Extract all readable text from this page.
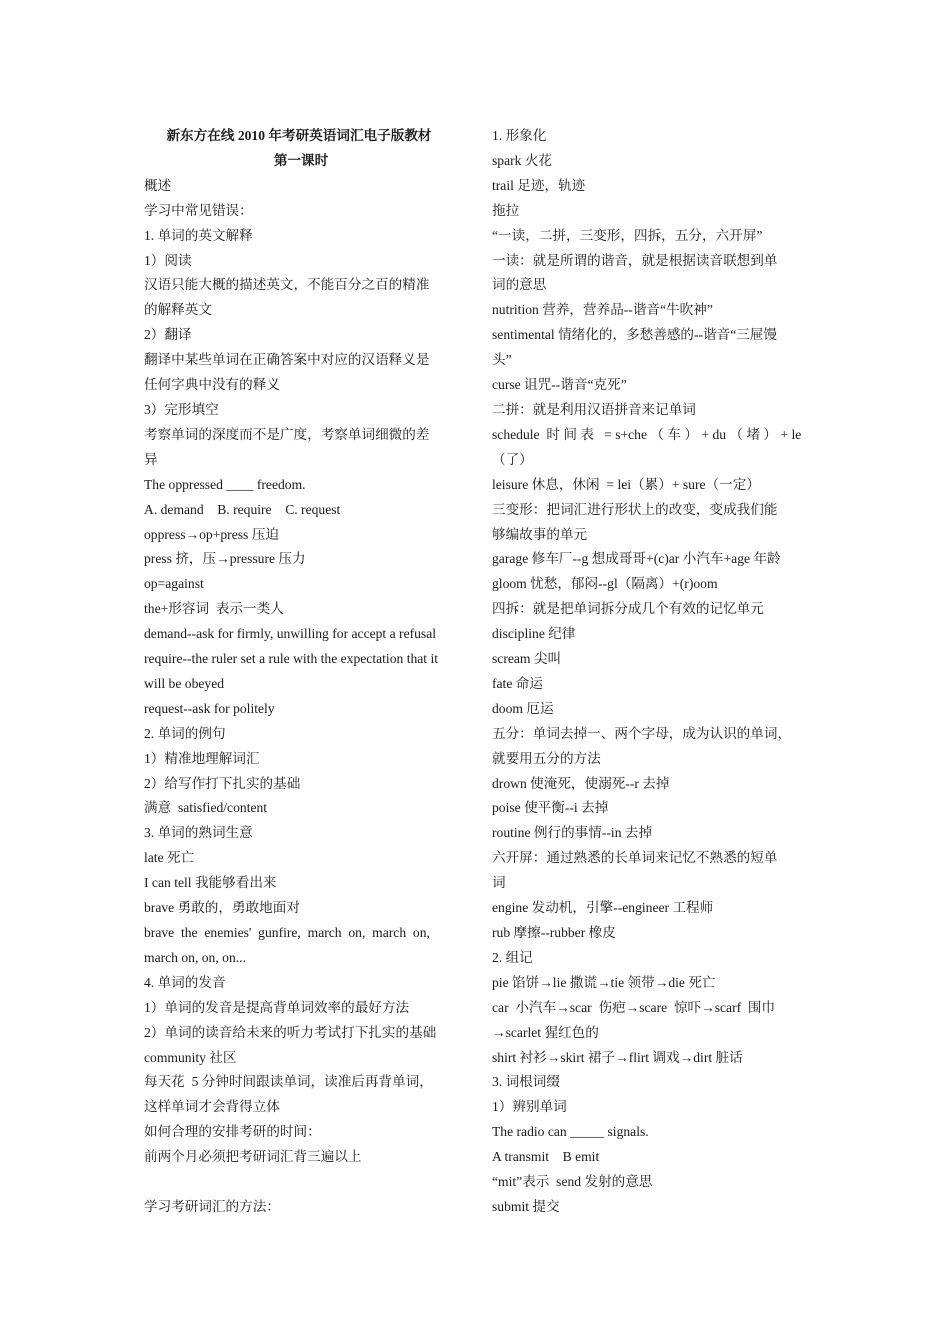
新东方在线 2010 年考研英语词汇电子版教材
第一课时
概述
学习中常见错误：
1. 单词的英文解释
1）阅读
汉语只能大概的描述英文，不能百分之百的精准
的解释英文
2）翻译
翻译中某些单词在正确答案中对应的汉语释义是
任何字典中没有的释义
3）完形填空
考察单词的深度而不是广度，考察单词细微的差
异
The oppressed ____ freedom.
A. demand    B. require    C. request
oppress→op+press 压迫
press 挤，压→pressure 压力
op=against
the+形容词  表示一类人
demand--ask for firmly, unwilling for accept a refusal
require--the ruler set a rule with the expectation that it
will be obeyed
request--ask for politely
2. 单词的例句
1）精准地理解词汇
2）给写作打下扎实的基础
满意  satisfied/content
3. 单词的熟词生意
late 死亡
I can tell 我能够看出来
brave 勇敢的，勇敢地面对
brave  the  enemies'  gunfire,  march  on,  march  on,
march on, on, on...
4. 单词的发音
1）单词的发音是提高背单词效率的最好方法
2）单词的读音给未来的听力考试打下扎实的基础
community 社区
每天花  5 分钟时间跟读单词，读准后再背单词，
这样单词才会背得立体
如何合理的安排考研的时间：
前两个月必须把考研词汇背三遍以上
学习考研词汇的方法：
1. 形象化
spark 火花
trail 足迹，轨迹
拖拉
“一读，二拼，三变形，四拆，五分，六开屏”
一读：就是所谓的谐音，就是根据读音联想到单
词的意思
nutrition 营养，营养品--谐音“牛吹神”
sentimental 情绪化的，多愁善感的--谐音“三屉馒
头”
curse 诅咒--谐音“克死”
二拼：就是利用汉语拼音来记单词
schedule  时 间 表   = s+che （ 车 ） + du （ 堵 ） + le
（了）
leisure 休息，休闲  = lei（累）+ sure（一定）
三变形：把词汇进行形状上的改变，变成我们能
够编故事的单元
garage 修车厂--g 想成哥哥+(c)ar 小汽车+age 年龄
gloom 忧愁，郁闷--gl（隔离）+(r)oom
四拆：就是把单词拆分成几个有效的记忆单元
discipline 纪律
scream 尖叫
fate 命运
doom 厄运
五分：单词去掉一、两个字母，成为认识的单词，
就要用五分的方法
drown 使淹死，使溺死--r 去掉
poise 使平衡--i 去掉
routine 例行的事情--in 去掉
六开屏：通过熟悉的长单词来记忆不熟悉的短单
词
engine 发动机，引擎--engineer 工程师
rub 摩擦--rubber 橡皮
2. 组记
pie 馅饼→lie 撒谎→tie 领带→die 死亡
car  小汽车→scar  伤疤→scare  惊吓→scarf  围巾
→scarlet 猩红色的
shirt 衬衫→skirt 裙子→flirt 调戏→dirt 脏话
3. 词根词缀
1）辨别单词
The radio can _____ signals.
A transmit    B emit
“mit”表示  send 发射的意思
submit 提交
